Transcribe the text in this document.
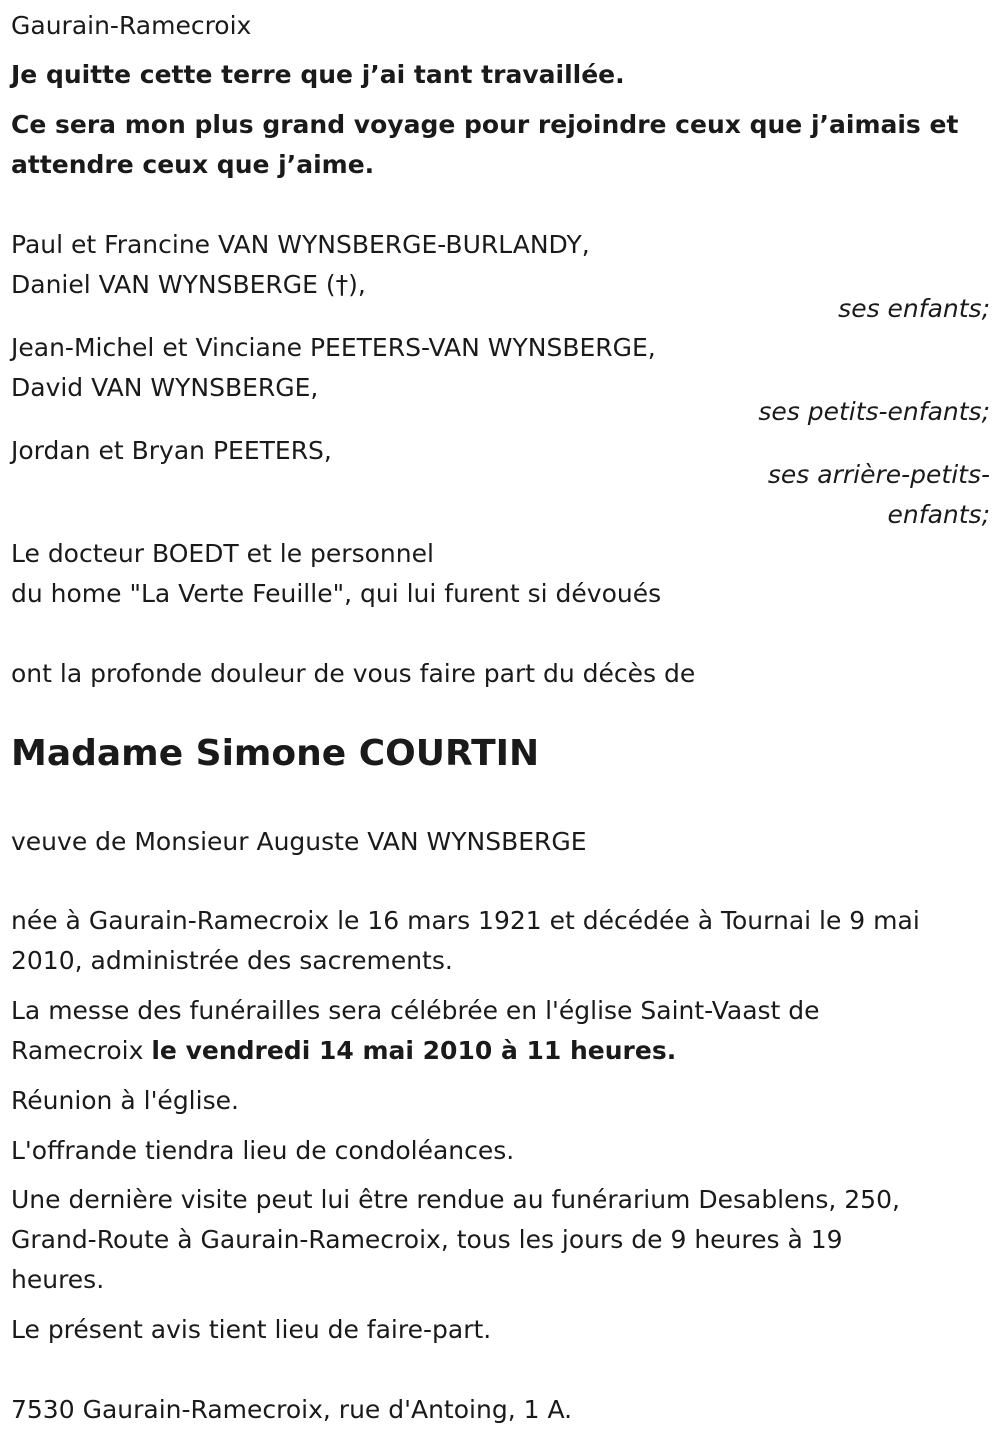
Gaurain-Ramecroix
Je quitte cette terre que j’ai tant travaillée.
Ce sera mon plus grand voyage pour rejoindre ceux que j’aimais et
attendre ceux que j’aime.
Paul et Francine VAN WYNSBERGE-BURLANDY,
Daniel VAN WYNSBERGE (†),
ses enfants;
Jean-Michel et Vinciane PEETERS-VAN WYNSBERGE,
David VAN WYNSBERGE,
ses petits-enfants;
Jordan et Bryan PEETERS,
ses arrière-petits-
enfants;
Le docteur BOEDT et le personnel
du home "La Verte Feuille", qui lui furent si dévoués
ont la profonde douleur de vous faire part du décès de
Madame Simone COURTIN
veuve de Monsieur Auguste VAN WYNSBERGE
née à Gaurain-Ramecroix le 16 mars 1921 et décédée à Tournai le 9 mai
2010, administrée des sacrements.
La messe des funérailles sera célébrée en l'église Saint-Vaast de
Ramecroix le vendredi 14 mai 2010 à 11 heures.
Réunion à l'église.
L'offrande tiendra lieu de condoléances.
Une dernière visite peut lui être rendue au funérarium Desablens, 250,
Grand-Route à Gaurain-Ramecroix, tous les jours de 9 heures à 19
heures.
Le présent avis tient lieu de faire-part.
7530 Gaurain-Ramecroix, rue d'Antoing, 1 A.
